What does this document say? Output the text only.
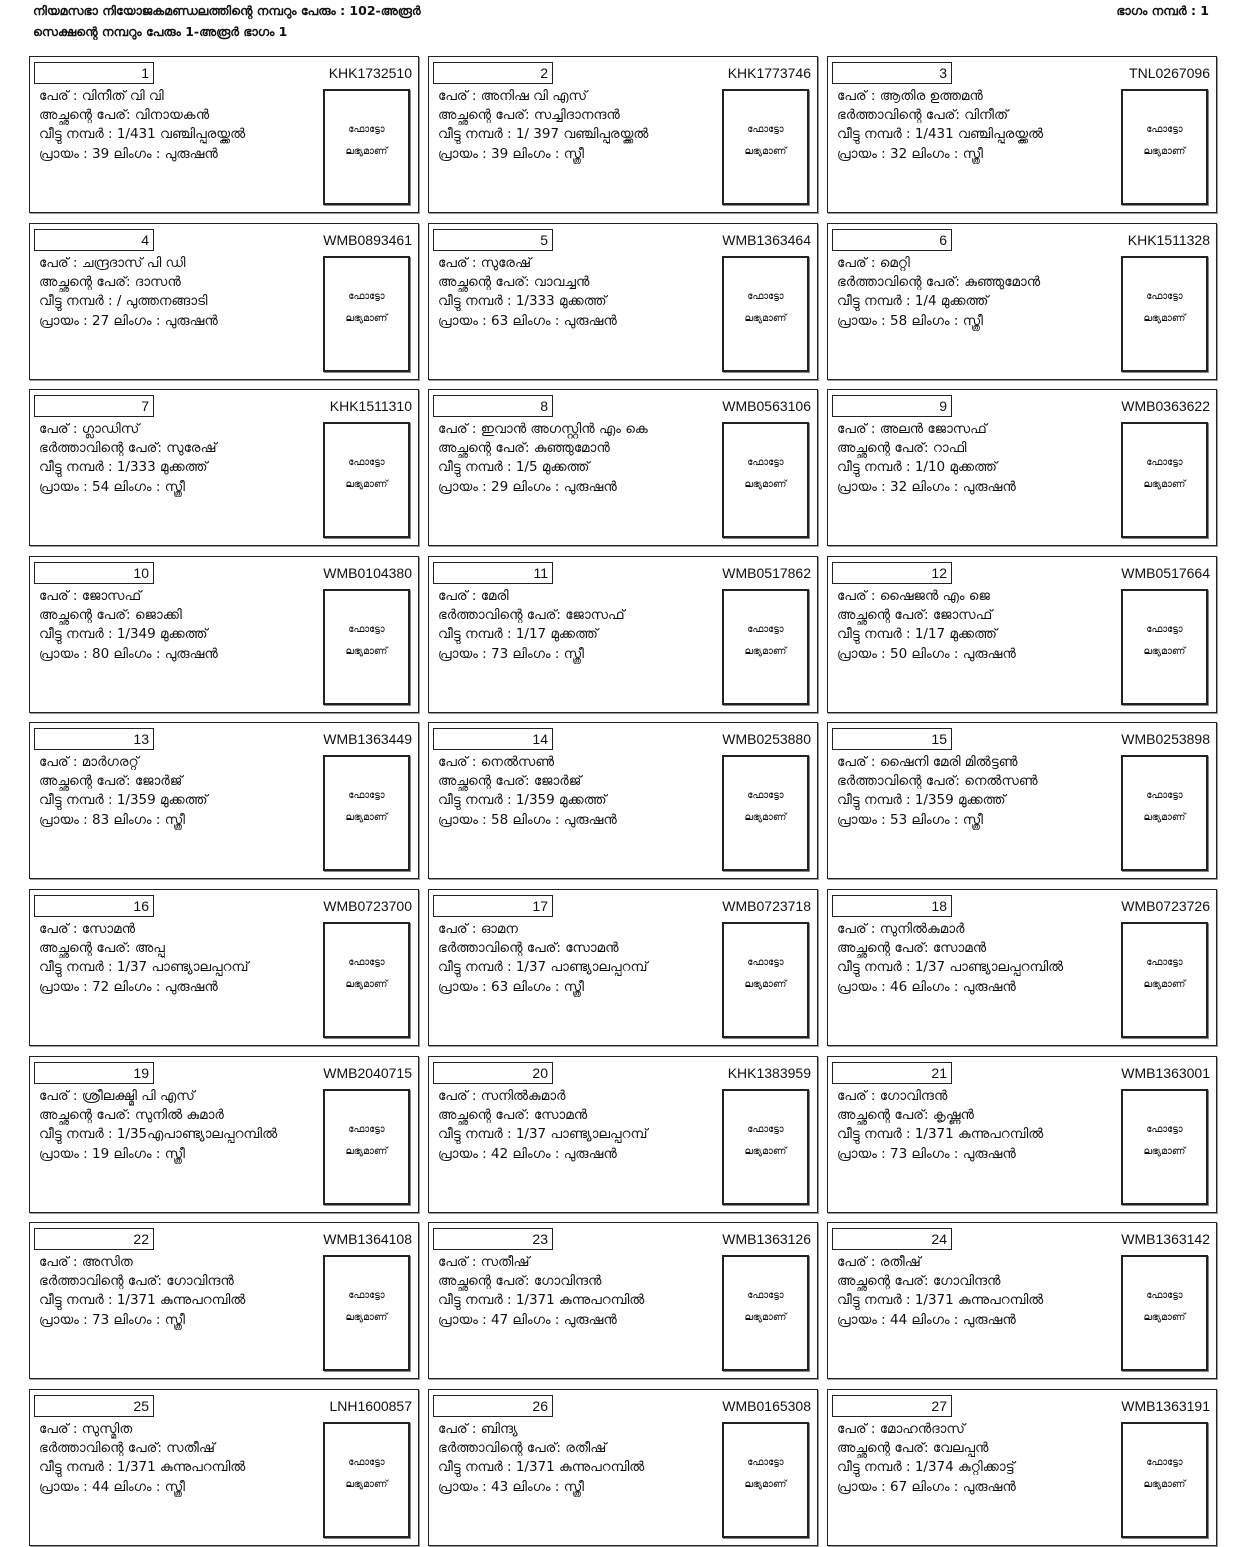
നിയമസഭാ നിയോജകമണ്ഡലത്തിന്റെ നമ്പറും പേരും : 102-അരൂർ
സെക്ഷന്റെ നമ്പറും പേരും 1-അരൂർ ഭാഗം 1
ഭാഗം നമ്പർ : 1
1	KHK1732510
പേര് : വിനീത് വി വി
അച്ഛന്റെ പേര്: വിനായകൻ
വീട്ടു നമ്പർ : 1/431 വഞ്ചിപ്പുരയ്ക്കൽ
പ്രായം : 39 ലിംഗം : പുരുഷൻ
ഫോട്ടോ
ലഭ്യമാണ്
2	KHK1773746
പേര് : അനിഷ വി എസ്
അച്ഛന്റെ പേര്: സച്ചിദാനന്ദൻ
വീട്ടു നമ്പർ : 1/ 397 വഞ്ചിപ്പുരയ്ക്കൽ
പ്രായം : 39 ലിംഗം : സ്ത്രീ
ഫോട്ടോ
ലഭ്യമാണ്
3	TNL0267096
പേര് : ആതിര ഉത്തമൻ
ഭർത്താവിന്റെ പേര്: വിനീത്
വീട്ടു നമ്പർ : 1/431 വഞ്ചിപ്പുരയ്ക്കൽ
പ്രായം : 32 ലിംഗം : സ്ത്രീ
ഫോട്ടോ
ലഭ്യമാണ്
4	WMB0893461
പേര് : ചന്ദ്രദാസ് പി ഡി
അച്ഛന്റെ പേര്: ദാസൻ
വീട്ടു നമ്പർ : / പുത്തനങ്ങാടി
പ്രായം : 27 ലിംഗം : പുരുഷൻ
ഫോട്ടോ
ലഭ്യമാണ്
5	WMB1363464
പേര് : സുരേഷ്
അച്ഛന്റെ പേര്: വാവച്ചൻ
വീട്ടു നമ്പർ : 1/333 മുക്കത്ത്
പ്രായം : 63 ലിംഗം : പുരുഷൻ
ഫോട്ടോ
ലഭ്യമാണ്
6	KHK1511328
പേര് : മെറ്റി
ഭർത്താവിന്റെ പേര്: കുഞ്ഞുമോൻ
വീട്ടു നമ്പർ : 1/4 മുക്കത്ത്
പ്രായം : 58 ലിംഗം : സ്ത്രീ
ഫോട്ടോ
ലഭ്യമാണ്
7	KHK1511310
പേര് : ഗ്ലാഡിസ്
ഭർത്താവിന്റെ പേര്: സുരേഷ്
വീട്ടു നമ്പർ : 1/333 മുക്കത്ത്
പ്രായം : 54 ലിംഗം : സ്ത്രീ
ഫോട്ടോ
ലഭ്യമാണ്
8	WMB0563106
പേര് : ഇവാൻ അഗസ്റ്റിൻ എം കെ
അച്ഛന്റെ പേര്: കുഞ്ഞുമോൻ
വീട്ടു നമ്പർ : 1/5 മുക്കത്ത്
പ്രായം : 29 ലിംഗം : പുരുഷൻ
ഫോട്ടോ
ലഭ്യമാണ്
9	WMB0363622
പേര് : അലൻ ജോസഫ്
അച്ഛന്റെ പേര്: റാഫി
വീട്ടു നമ്പർ : 1/10 മുക്കത്ത്
പ്രായം : 32 ലിംഗം : പുരുഷൻ
ഫോട്ടോ
ലഭ്യമാണ്
10	WMB0104380
പേര് : ജോസഫ്
അച്ഛന്റെ പേര്: ജൊക്കി
വീട്ടു നമ്പർ : 1/349 മുക്കത്ത്
പ്രായം : 80 ലിംഗം : പുരുഷൻ
ഫോട്ടോ
ലഭ്യമാണ്
11	WMB0517862
പേര് : മേരി
ഭർത്താവിന്റെ പേര്: ജോസഫ്
വീട്ടു നമ്പർ : 1/17 മുക്കത്ത്
പ്രായം : 73 ലിംഗം : സ്ത്രീ
ഫോട്ടോ
ലഭ്യമാണ്
12	WMB0517664
പേര് : ഷൈജൻ എം ജെ
അച്ഛന്റെ പേര്: ജോസഫ്
വീട്ടു നമ്പർ : 1/17 മുക്കത്ത്
പ്രായം : 50 ലിംഗം : പുരുഷൻ
ഫോട്ടോ
ലഭ്യമാണ്
13	WMB1363449
പേര് : മാർഗരറ്റ്
അച്ഛന്റെ പേര്: ജോർജ്
വീട്ടു നമ്പർ : 1/359 മുക്കത്ത്
പ്രായം : 83 ലിംഗം : സ്ത്രീ
ഫോട്ടോ
ലഭ്യമാണ്
14	WMB0253880
പേര് : നെൽസൺ
അച്ഛന്റെ പേര്: ജോർജ്
വീട്ടു നമ്പർ : 1/359 മുക്കത്ത്
പ്രായം : 58 ലിംഗം : പുരുഷൻ
ഫോട്ടോ
ലഭ്യമാണ്
15	WMB0253898
പേര് : ഷൈനി മേരി മിൽട്ടൺ
ഭർത്താവിന്റെ പേര്: നെൽസൺ
വീട്ടു നമ്പർ : 1/359 മുക്കത്ത്
പ്രായം : 53 ലിംഗം : സ്ത്രീ
ഫോട്ടോ
ലഭ്യമാണ്
16	WMB0723700
പേര് : സോമൻ
അച്ഛന്റെ പേര്: അപ്പു
വീട്ടു നമ്പർ : 1/37 പാണ്ട്യാലപ്പറമ്പ്
പ്രായം : 72 ലിംഗം : പുരുഷൻ
ഫോട്ടോ
ലഭ്യമാണ്
17	WMB0723718
പേര് : ഓമന
ഭർത്താവിന്റെ പേര്: സോമൻ
വീട്ടു നമ്പർ : 1/37 പാണ്ട്യാലപ്പറമ്പ്
പ്രായം : 63 ലിംഗം : സ്ത്രീ
ഫോട്ടോ
ലഭ്യമാണ്
18	WMB0723726
പേര് : സുനിൽകുമാർ
അച്ഛന്റെ പേര്: സോമൻ
വീട്ടു നമ്പർ : 1/37 പാണ്ട്യാലപ്പറമ്പിൽ
പ്രായം : 46 ലിംഗം : പുരുഷൻ
ഫോട്ടോ
ലഭ്യമാണ്
19	WMB2040715
പേര് : ശ്രീലക്ഷ്മി പി എസ്
അച്ഛന്റെ പേര്: സുനിൽ കുമാർ
വീട്ടു നമ്പർ : 1/35എപാണ്ട്യാലപ്പറമ്പിൽ
പ്രായം : 19 ലിംഗം : സ്ത്രീ
ഫോട്ടോ
ലഭ്യമാണ്
20	KHK1383959
പേര് : സനിൽകുമാർ
അച്ഛന്റെ പേര്: സോമൻ
വീട്ടു നമ്പർ : 1/37 പാണ്ട്യാലപ്പറമ്പ്
പ്രായം : 42 ലിംഗം : പുരുഷൻ
ഫോട്ടോ
ലഭ്യമാണ്
21	WMB1363001
പേര് : ഗോവിന്ദൻ
അച്ഛന്റെ പേര്: കൃഷ്ണൻ
വീട്ടു നമ്പർ : 1/371 കുന്നുപറമ്പിൽ
പ്രായം : 73 ലിംഗം : പുരുഷൻ
ഫോട്ടോ
ലഭ്യമാണ്
22	WMB1364108
പേര് : അസിത
ഭർത്താവിന്റെ പേര്: ഗോവിന്ദൻ
വീട്ടു നമ്പർ : 1/371 കുന്നുപറമ്പിൽ
പ്രായം : 73 ലിംഗം : സ്ത്രീ
ഫോട്ടോ
ലഭ്യമാണ്
23	WMB1363126
പേര് : സതീഷ്
അച്ഛന്റെ പേര്: ഗോവിന്ദൻ
വീട്ടു നമ്പർ : 1/371 കുന്നുപറമ്പിൽ
പ്രായം : 47 ലിംഗം : പുരുഷൻ
ഫോട്ടോ
ലഭ്യമാണ്
24	WMB1363142
പേര് : രതീഷ്
അച്ഛന്റെ പേര്: ഗോവിന്ദൻ
വീട്ടു നമ്പർ : 1/371 കുന്നുപറമ്പിൽ
പ്രായം : 44 ലിംഗം : പുരുഷൻ
ഫോട്ടോ
ലഭ്യമാണ്
25	LNH1600857
പേര് : സുസ്മിത
ഭർത്താവിന്റെ പേര്: സതീഷ്
വീട്ടു നമ്പർ : 1/371 കുന്നുപറമ്പിൽ
പ്രായം : 44 ലിംഗം : സ്ത്രീ
ഫോട്ടോ
ലഭ്യമാണ്
26	WMB0165308
പേര് : ബിന്ദ്യ
ഭർത്താവിന്റെ പേര്: രതീഷ്
വീട്ടു നമ്പർ : 1/371 കുന്നുപറമ്പിൽ
പ്രായം : 43 ലിംഗം : സ്ത്രീ
ഫോട്ടോ
ലഭ്യമാണ്
27	WMB1363191
പേര് : മോഹൻദാസ്
അച്ഛന്റെ പേര്: വേലപ്പൻ
വീട്ടു നമ്പർ : 1/374 കുറ്റിക്കാട്ട്
പ്രായം : 67 ലിംഗം : പുരുഷൻ
ഫോട്ടോ
ലഭ്യമാണ്
